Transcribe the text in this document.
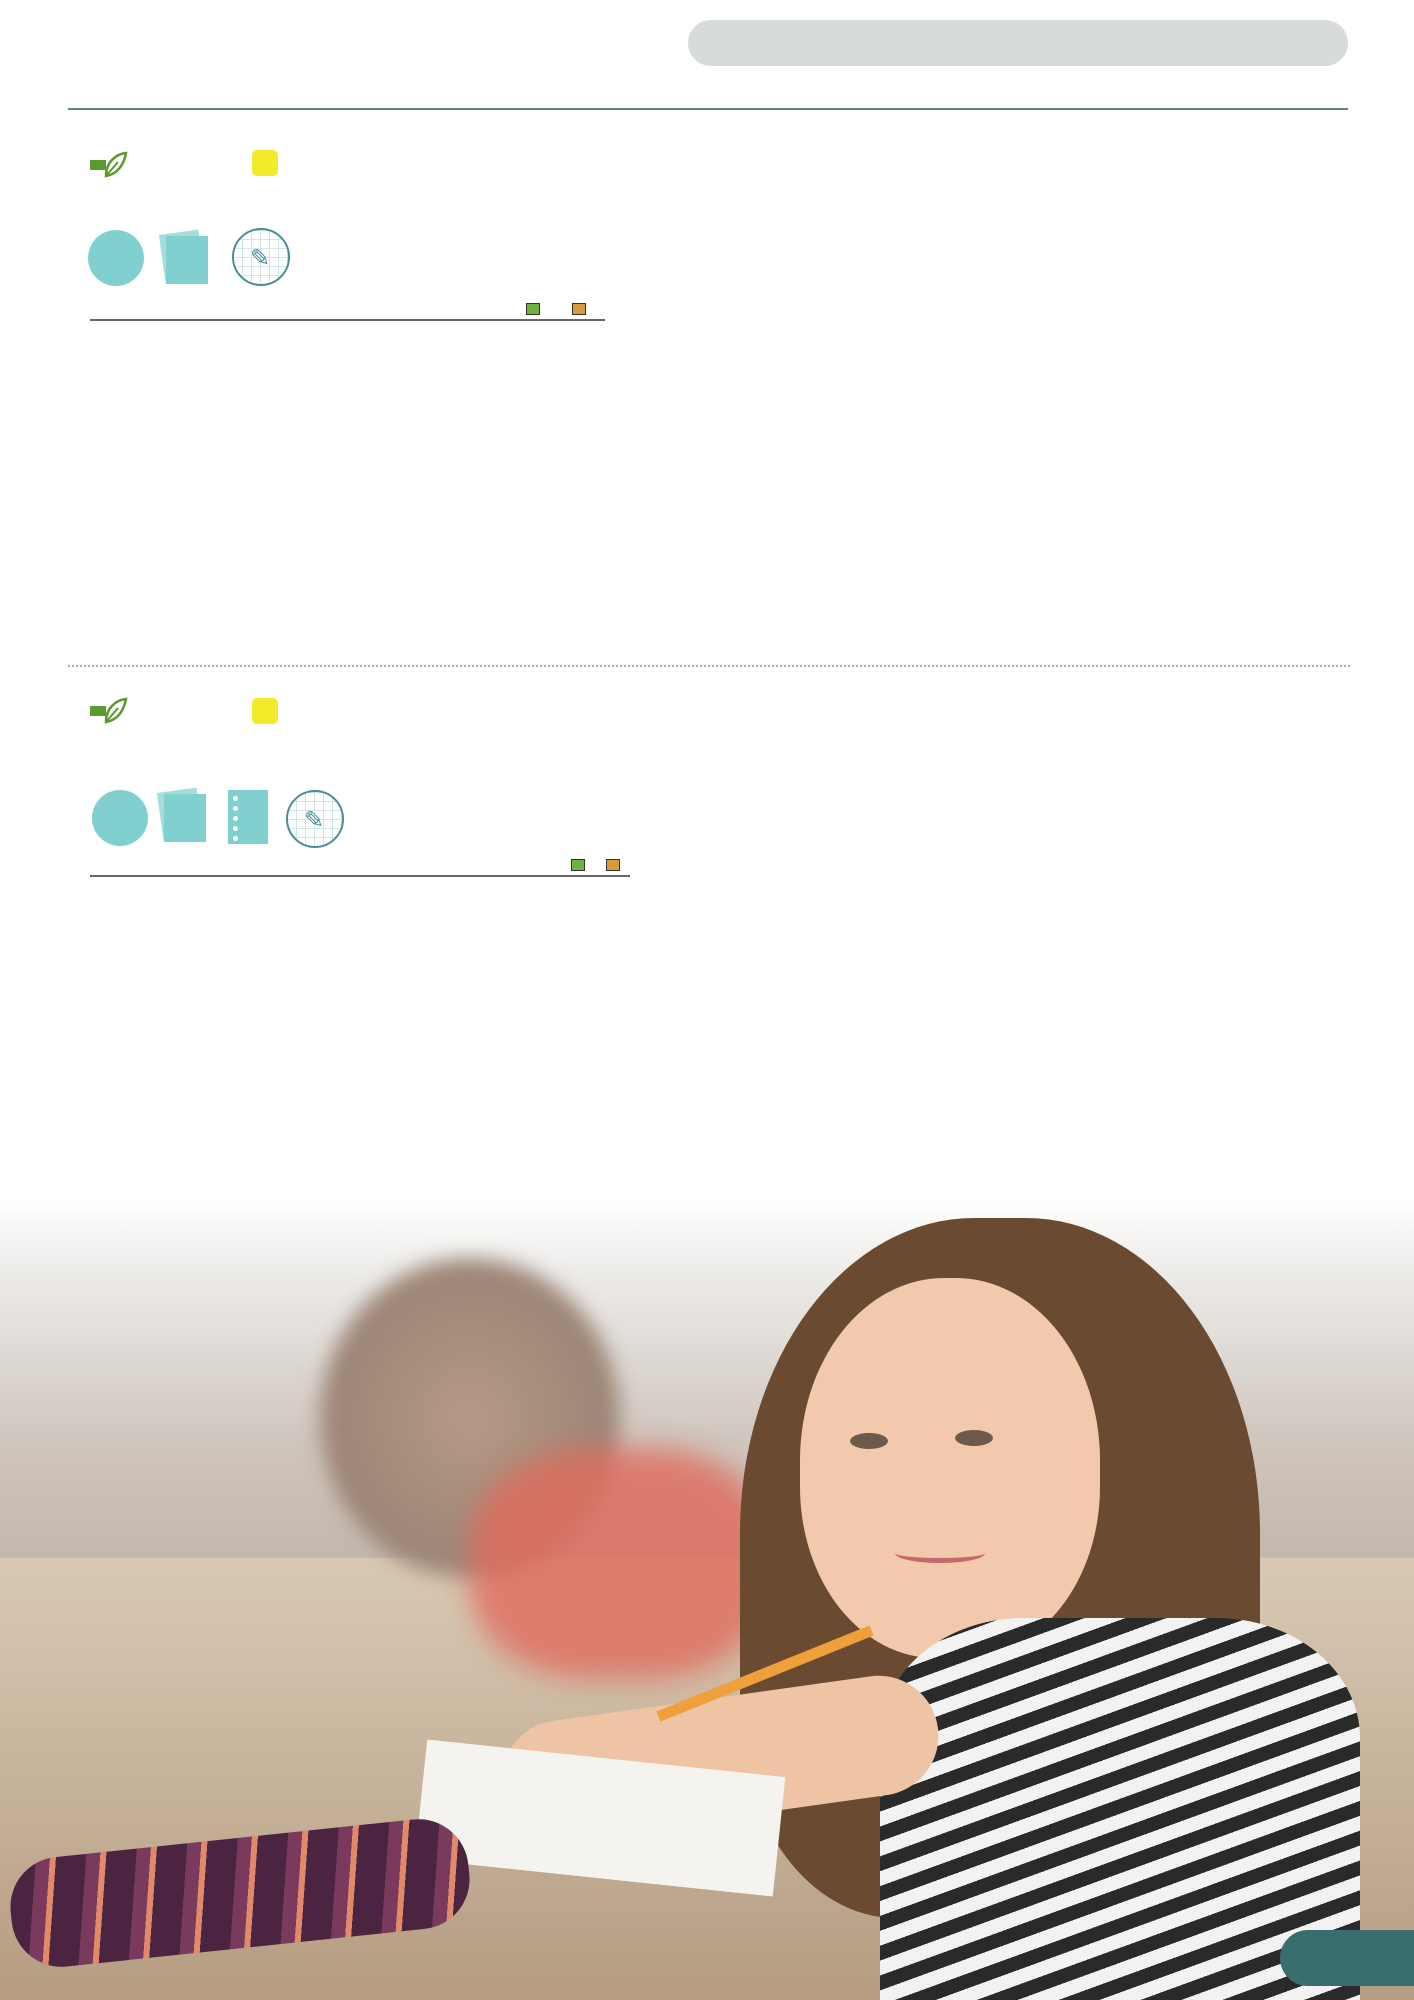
✎

✎
